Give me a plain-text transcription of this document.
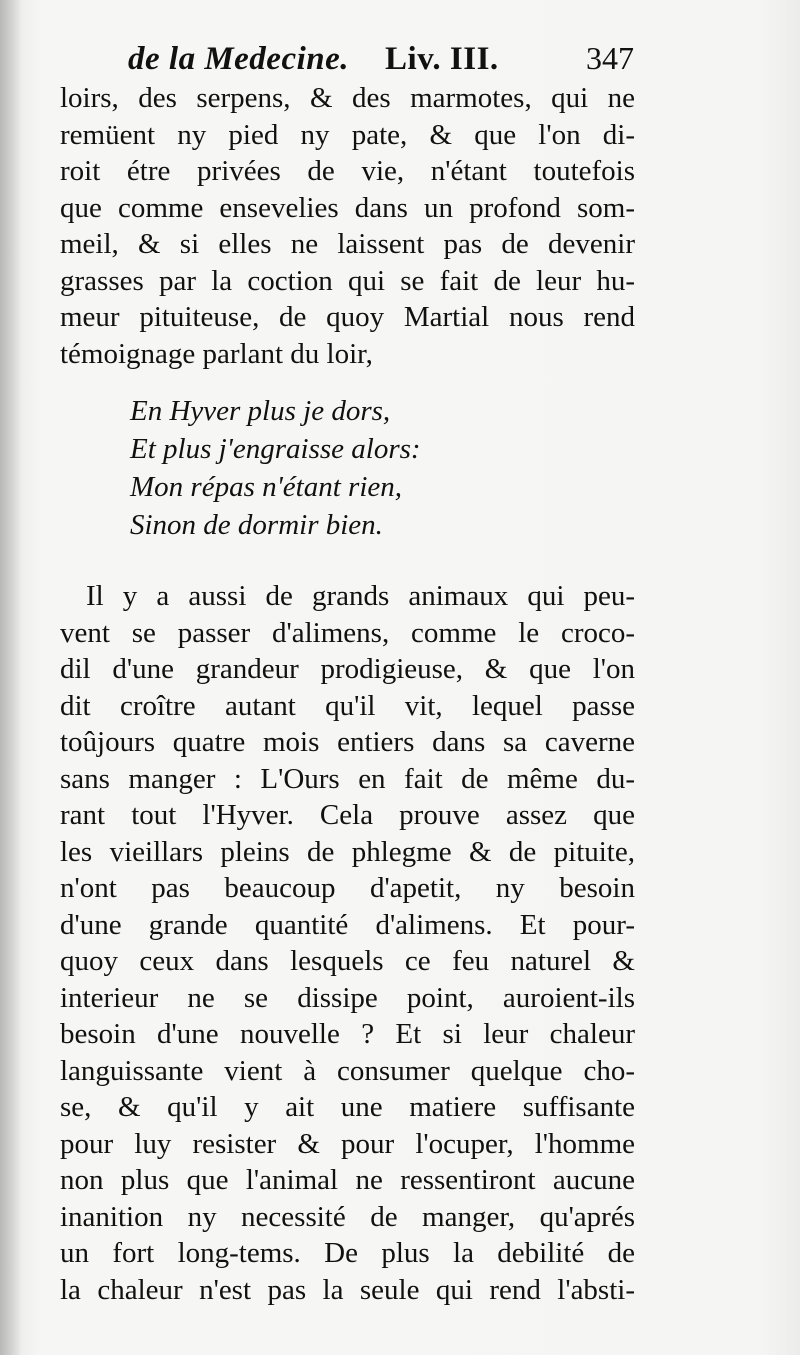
de la Medecine. Liv. III.	347
loirs, des serpens, & des marmotes, qui ne
remüent ny pied ny pate, & que l'on di-
roit étre privées de vie, n'étant toutefois
que comme ensevelies dans un profond som-
meil, & si elles ne laissent pas de devenir
grasses par la coction qui se fait de leur hu-
meur pituiteuse, de quoy Martial nous rend
témoignage parlant du loir,
En Hyver plus je dors,
Et plus j'engraisse alors:
Mon répas n'étant rien,
Sinon de dormir bien.
Il y a aussi de grands animaux qui peu-
vent se passer d'alimens, comme le croco-
dil d'une grandeur prodigieuse, & que l'on
dit croître autant qu'il vit, lequel passe
toûjours quatre mois entiers dans sa caverne
sans manger : L'Ours en fait de même du-
rant tout l'Hyver. Cela prouve assez que
les vieillars pleins de phlegme & de pituite,
n'ont pas beaucoup d'apetit, ny besoin
d'une grande quantité d'alimens. Et pour-
quoy ceux dans lesquels ce feu naturel &
interieur ne se dissipe point, auroient-ils
besoin d'une nouvelle ? Et si leur chaleur
languissante vient à consumer quelque cho-
se, & qu'il y ait une matiere suffisante
pour luy resister & pour l'ocuper, l'homme
non plus que l'animal ne ressentiront aucune
inanition ny necessité de manger, qu'aprés
un fort long-tems. De plus la debilité de
la chaleur n'est pas la seule qui rend l'absti-
